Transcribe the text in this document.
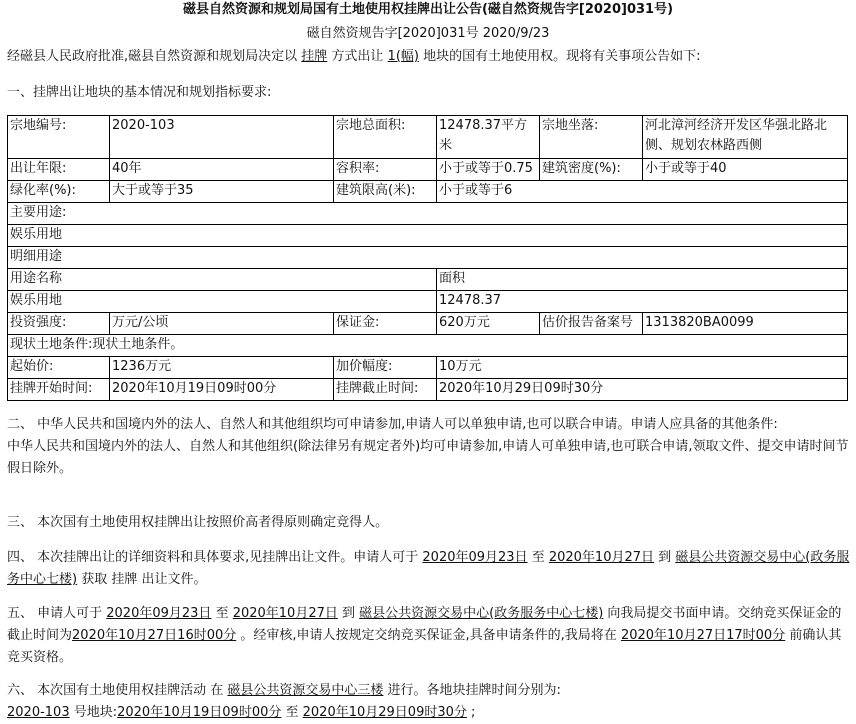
磁县自然资源和规划局国有土地使用权挂牌出让公告(磁自然资规告字[2020]031号)
磁自然资规告字[2020]031号 2020/9/23
经磁县人民政府批准,磁县自然资源和规划局决定以 挂牌 方式出让 1(幅) 地块的国有土地使用权。现将有关事项公告如下:
一、挂牌出让地块的基本情况和规划指标要求:
宗地编号:	2020-103	宗地总面积:	12478.37平方米	宗地坐落:	河北漳河经济开发区华强北路北侧、规划农林路西侧
出让年限:	40年	容积率:	小于或等于0.75	建筑密度(%):	小于或等于40
绿化率(%):	大于或等于35	建筑限高(米):	小于或等于6		
主要用途:					
娱乐用地					
明细用途					
用途名称			面积		
娱乐用地			12478.37		
投资强度:	万元/公顷	保证金:	620万元	估价报告备案号	1313820BA0099
现状土地条件:现状土地条件。					
起始价:	1236万元	加价幅度:	10万元		
挂牌开始时间:	2020年10月19日09时00分	挂牌截止时间:	2020年10月29日09时30分		

二、 中华人民共和国境内外的法人、自然人和其他组织均可申请参加,申请人可以单独申请,也可以联合申请。申请人应具备的其他条件:

中华人民共和国境内外的法人、自然人和其他组织(除法律另有规定者外)均可申请参加,申请人可单独申请,也可联合申请,领取文件、提交申请时间节假日除外。

三、 本次国有土地使用权挂牌出让按照价高者得原则确定竞得人。

四、 本次挂牌出让的详细资料和具体要求,见挂牌出让文件。申请人可于 2020年09月23日 至 2020年10月27日 到 磁县公共资源交易中心(政务服务中心七楼) 获取 挂牌 出让文件。

五、 申请人可于 2020年09月23日 至 2020年10月27日 到 磁县公共资源交易中心(政务服务中心七楼) 向我局提交书面申请。交纳竞买保证金的截止时间为2020年10月27日16时00分 。经审核,申请人按规定交纳竞买保证金,具备申请条件的,我局将在 2020年10月27日17时00分 前确认其竞买资格。

六、 本次国有土地使用权挂牌活动 在 磁县公共资源交易中心三楼 进行。各地块挂牌时间分别为:

2020-103 号地块:2020年10月19日09时00分 至 2020年10月29日09时30分 ;
